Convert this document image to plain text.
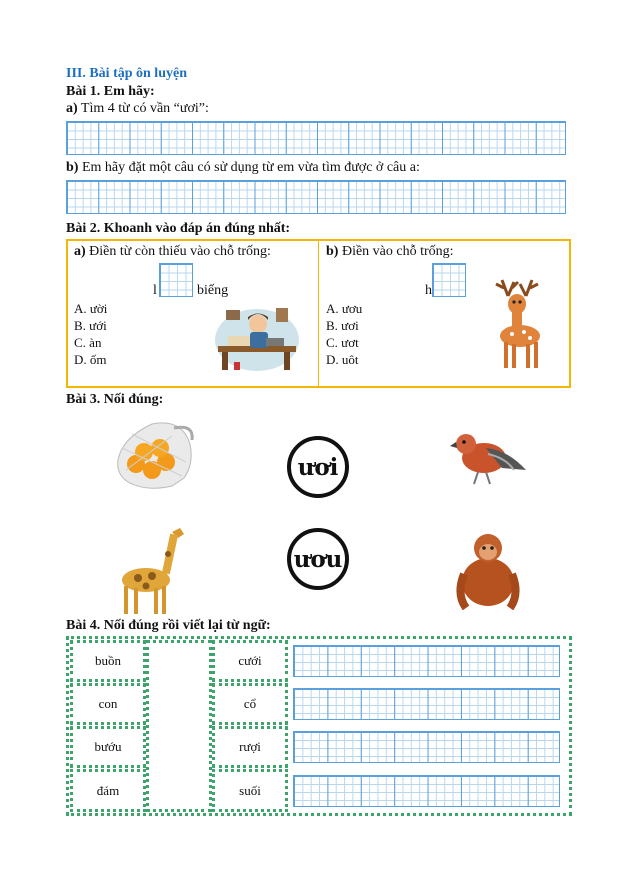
III. Bài tập ôn luyện
Bài 1. Em hãy:
a) Tìm 4 từ có vần “ươi”:
b) Em hãy đặt một câu có sử dụng từ em vừa tìm được ở câu a:
Bài 2. Khoanh vào đáp án đúng nhất:
a) Điền từ còn thiếu vào chỗ trống:
l	biếng
A. ười
B. ưới
C. àn
D. ốm
b) Điền vào chỗ trống:
h
A. ươu
B. ươi
C. ươt
D. uôt
Bài 3. Nối đúng:
ươi
ươu
Bài 4. Nối đúng rồi viết lại từ ngữ:
buồn
con
bướu
đám
cưới
cổ
rượi
suối
